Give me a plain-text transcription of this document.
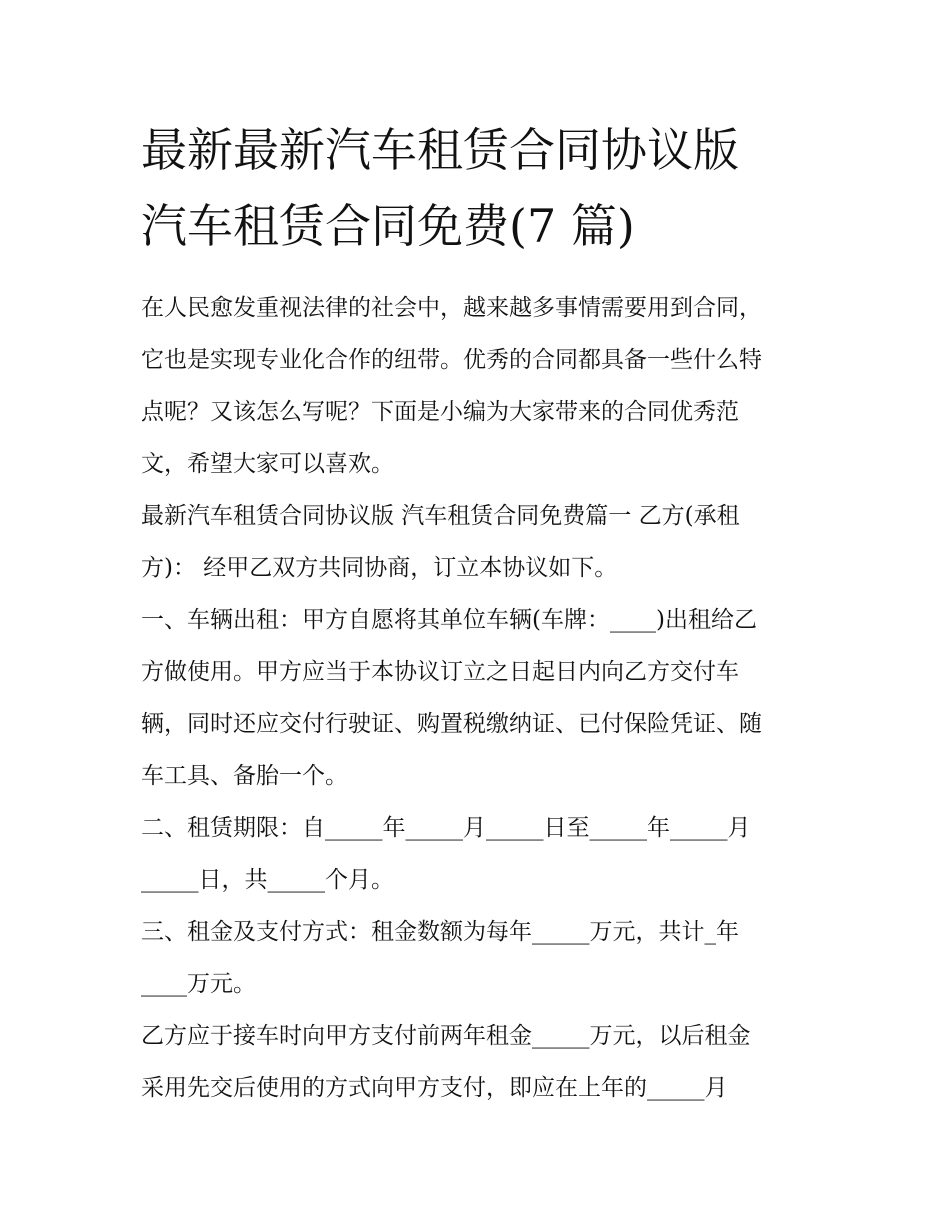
最新最新汽车租赁合同协议版
汽车租赁合同免费(7 篇)

在人民愈发重视法律的社会中，越来越多事情需要用到合同，
它也是实现专业化合作的纽带。优秀的合同都具备一些什么特
点呢？又该怎么写呢？下面是小编为大家带来的合同优秀范
文，希望大家可以喜欢。

最新汽车租赁合同协议版 汽车租赁合同免费篇一 乙方(承租
方)： 经甲乙双方共同协商，订立本协议如下。

一、车辆出租：甲方自愿将其单位车辆(车牌：____)出租给乙
方做使用。甲方应当于本协议订立之日起日内向乙方交付车
辆，同时还应交付行驶证、购置税缴纳证、已付保险凭证、随
车工具、备胎一个。

二、租赁期限：自_____年_____月_____日至_____年_____月
_____日，共_____个月。

三、租金及支付方式：租金数额为每年_____万元，共计_年
____万元。

乙方应于接车时向甲方支付前两年租金_____万元，以后租金
采用先交后使用的方式向甲方支付，即应在上年的_____月
